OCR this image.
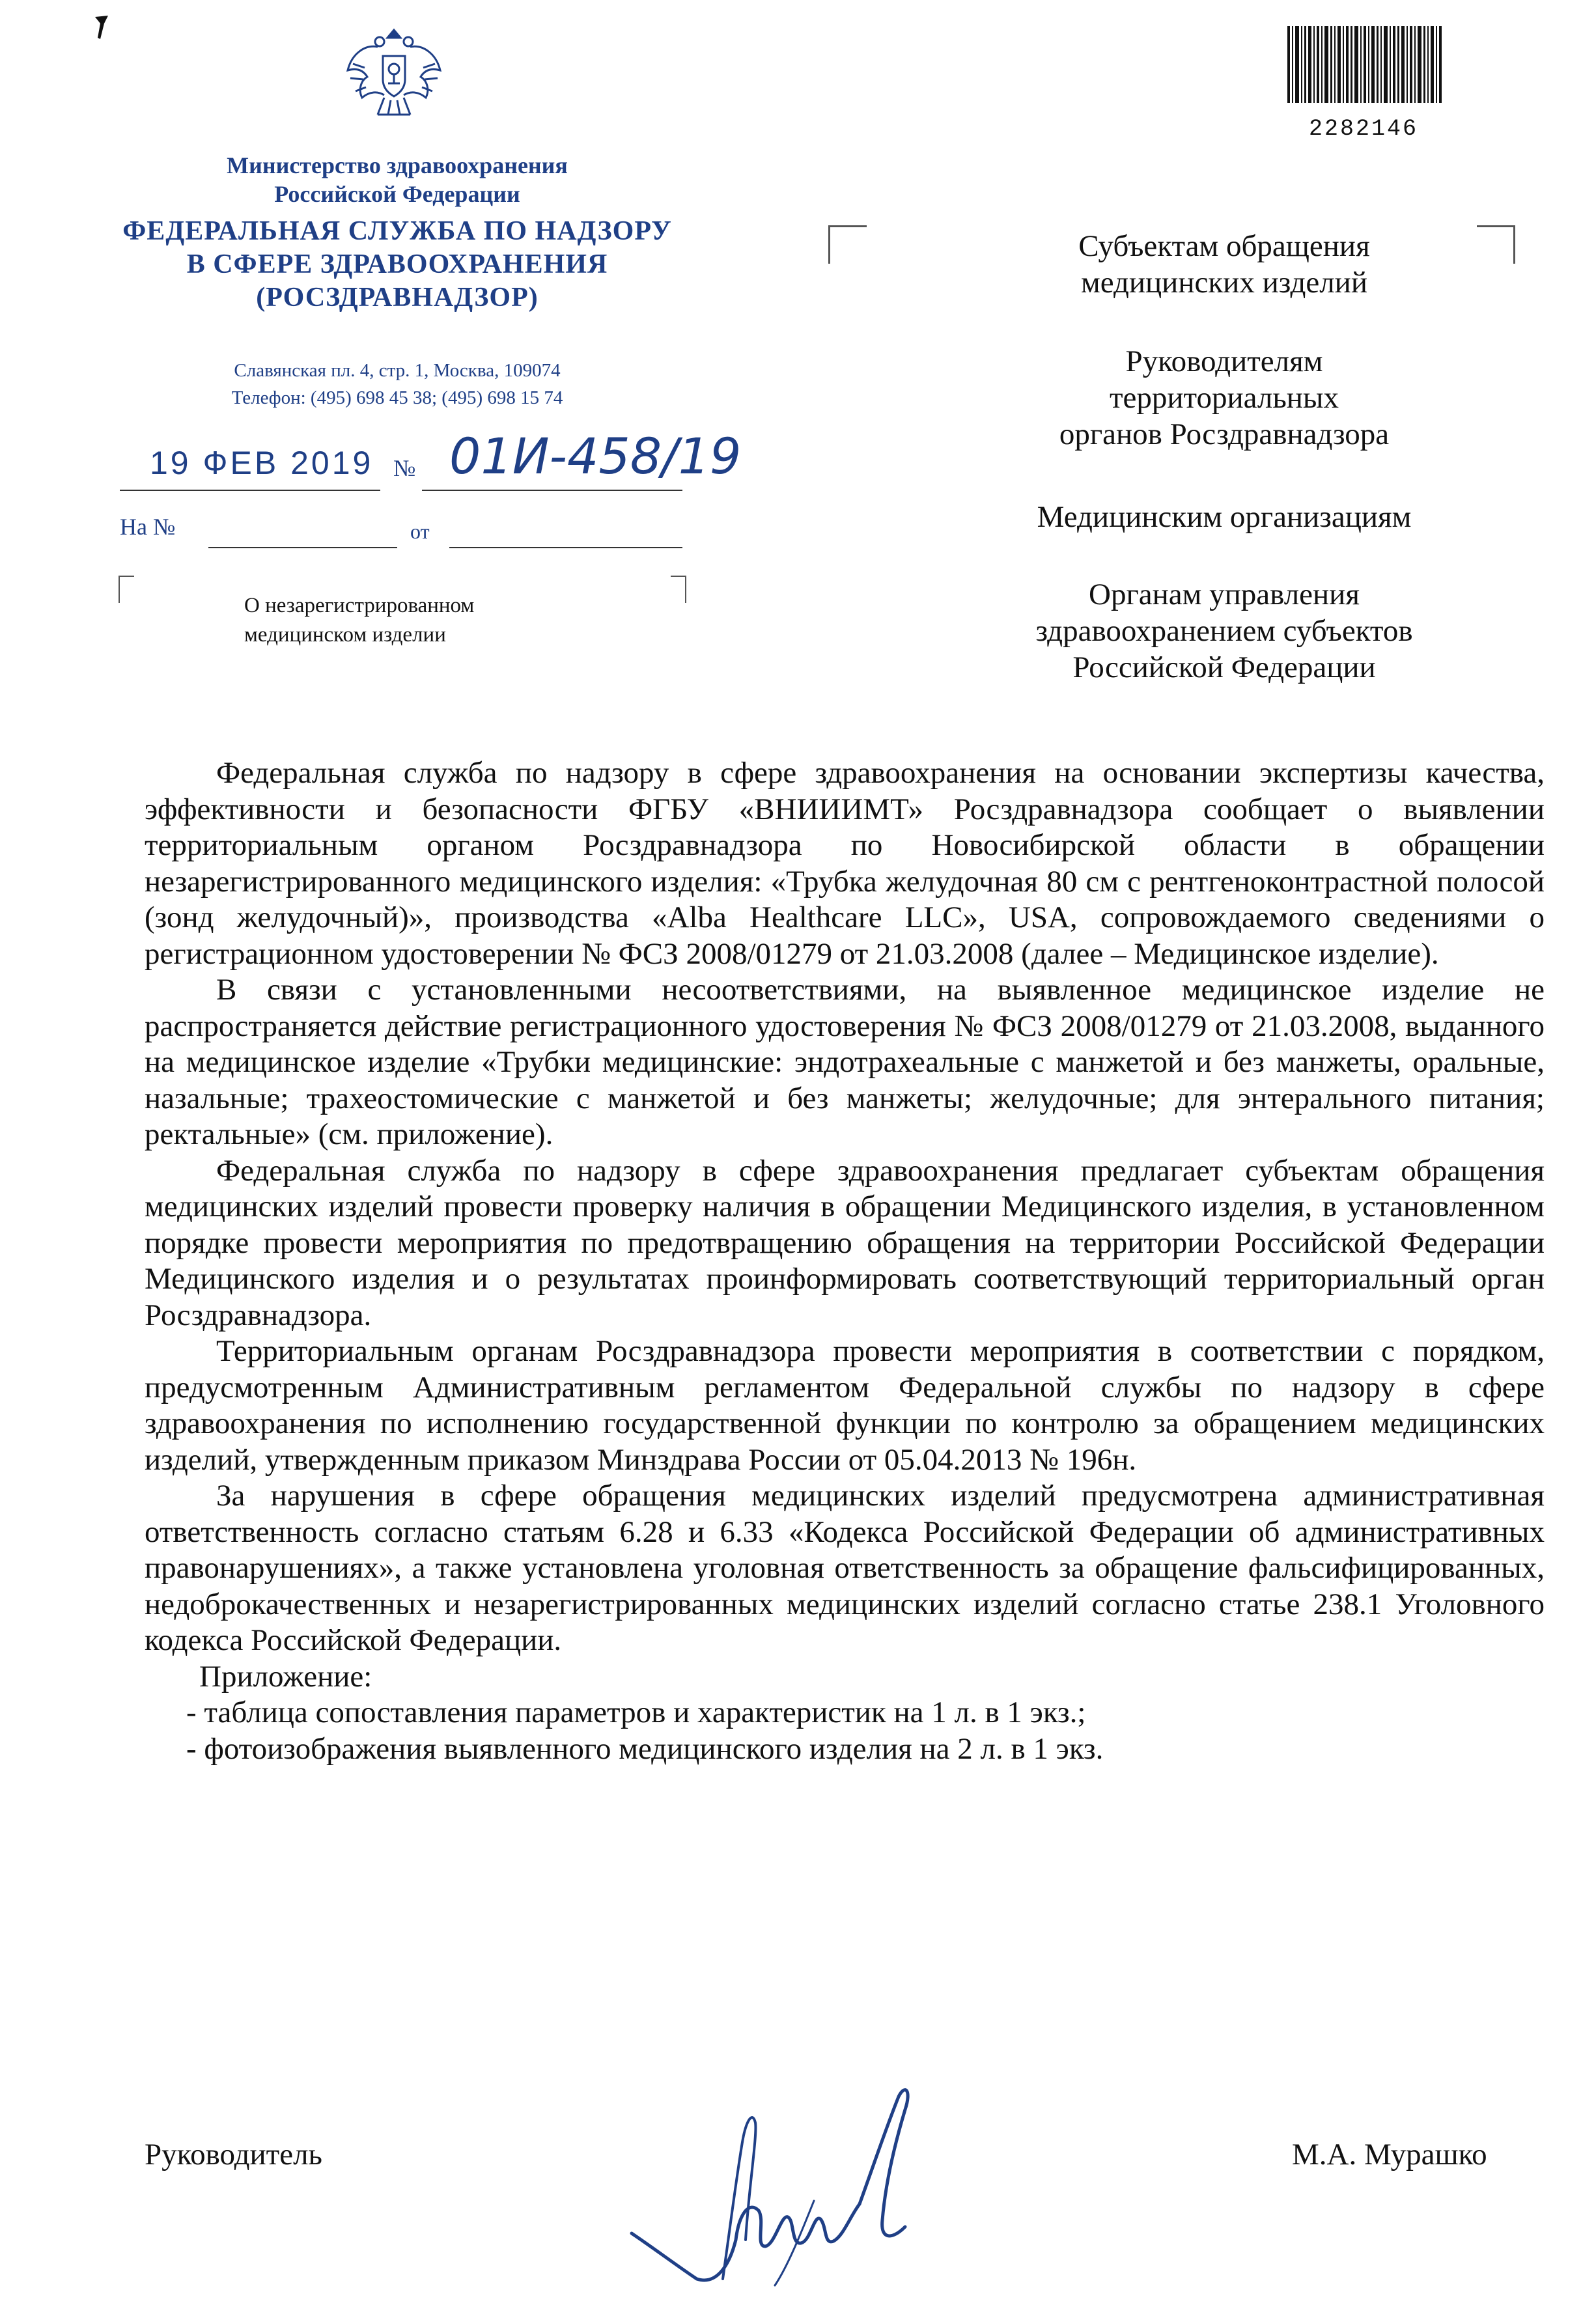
Министерство здравоохранения
Российской Федерации
ФЕДЕРАЛЬНАЯ СЛУЖБА ПО НАДЗОРУ
В СФЕРЕ ЗДРАВООХРАНЕНИЯ
(РОСЗДРАВНАДЗОР)
Славянская пл. 4, стр. 1, Москва, 109074
Телефон: (495) 698 45 38; (495) 698 15 74
19 ФЕВ 2019 № 01И-458/19
На №	от
О незарегистрированном
медицинском изделии
2282146
Субъектам обращения
медицинских изделий
Руководителям
территориальных
органов Росздравнадзора
Медицинским организациям
Органам управления
здравоохранением субъектов
Российской Федерации

Федеральная служба по надзору в сфере здравоохранения на основании экспертизы качества, эффективности и безопасности ФГБУ «ВНИИИМТ» Росздравнадзора сообщает о выявлении территориальным органом Росздравнадзора по Новосибирской области в обращении незарегистрированного медицинского изделия: «Трубка желудочная 80 см с рентгеноконтрастной полосой (зонд желудочный)», производства «Alba Healthcare LLC», USA, сопровождаемого сведениями о регистрационном удостоверении № ФСЗ 2008/01279 от 21.03.2008 (далее – Медицинское изделие).

В связи с установленными несоответствиями, на выявленное медицинское изделие не распространяется действие регистрационного удостоверения № ФСЗ 2008/01279 от 21.03.2008, выданного на медицинское изделие «Трубки медицинские: эндотрахеальные с манжетой и без манжеты, оральные, назальные; трахеостомические с манжетой и без манжеты; желудочные; для энтерального питания; ректальные» (см. приложение).

Федеральная служба по надзору в сфере здравоохранения предлагает субъектам обращения медицинских изделий провести проверку наличия в обращении Медицинского изделия, в установленном порядке провести мероприятия по предотвращению обращения на территории Российской Федерации Медицинского изделия и о результатах проинформировать соответствующий территориальный орган Росздравнадзора.

Территориальным органам Росздравнадзора провести мероприятия в соответствии с порядком, предусмотренным Административным регламентом Федеральной службы по надзору в сфере здравоохранения по исполнению государственной функции по контролю за обращением медицинских изделий, утвержденным приказом Минздрава России от 05.04.2013 № 196н.

За нарушения в сфере обращения медицинских изделий предусмотрена административная ответственность согласно статьям 6.28 и 6.33 «Кодекса Российской Федерации об административных правонарушениях», а также установлена уголовная ответственность за обращение фальсифицированных, недоброкачественных и незарегистрированных медицинских изделий согласно статье 238.1 Уголовного кодекса Российской Федерации.

Приложение:
- таблица сопоставления параметров и характеристик на 1 л. в 1 экз.;
- фотоизображения выявленного медицинского изделия на 2 л. в 1 экз.
Руководитель	М.А. Мурашко
